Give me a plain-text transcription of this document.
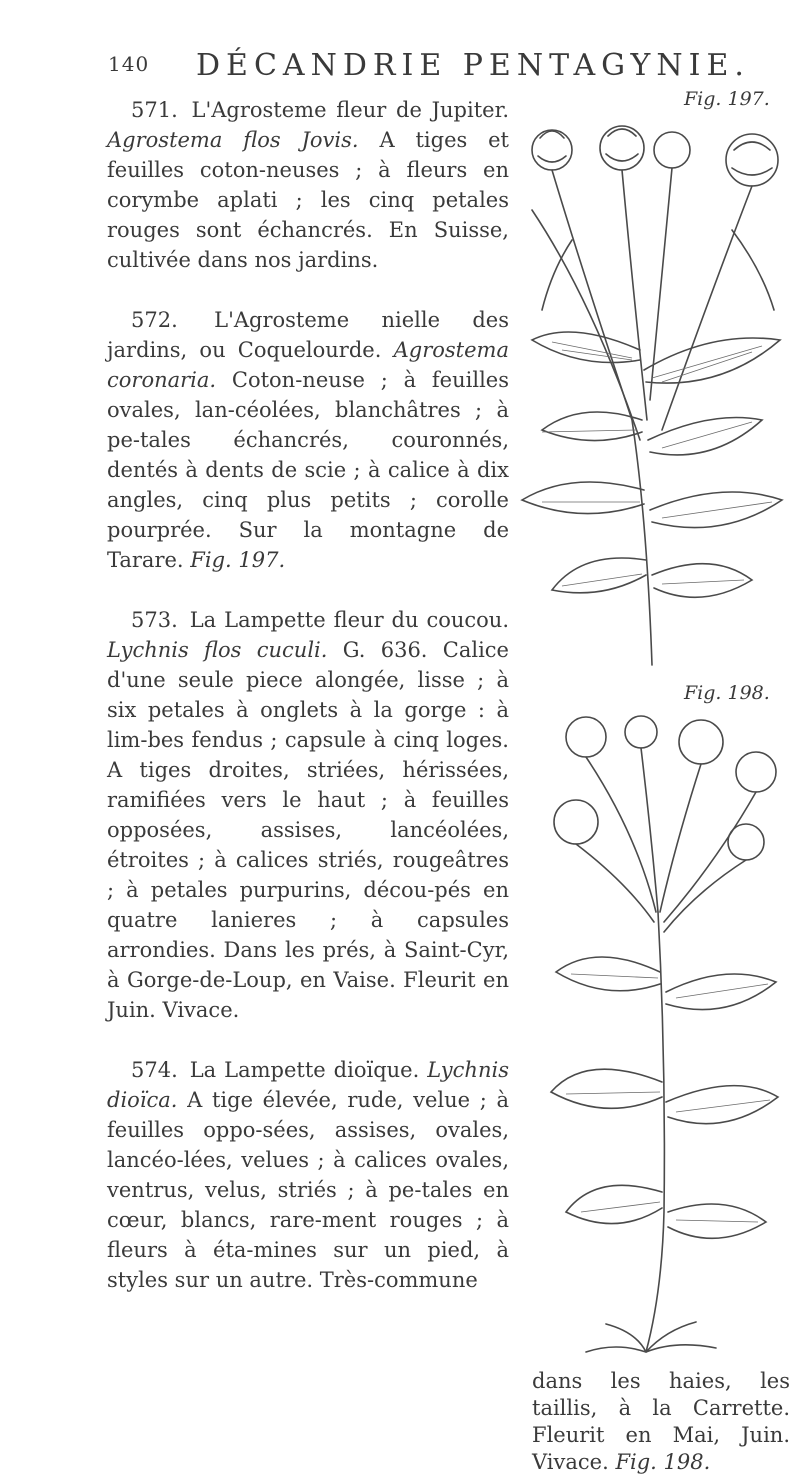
140 DÉCANDRIE PENTAGYNIE.

571. L'Agrosteme fleur de Jupiter. Agrostema flos Jovis. A tiges et feuilles coton-neuses ; à fleurs en corymbe aplati ; les cinq petales rouges sont échancrés. En Suisse, cultivée dans nos jardins.

572. L'Agrosteme nielle des jardins, ou Coquelourde. Agrostema coronaria. Coton-neuse ; à feuilles ovales, lan-céolées, blanchâtres ; à pe-tales échancrés, couronnés, dentés à dents de scie ; à calice à dix angles, cinq plus petits ; corolle pourprée. Sur la montagne de Tarare. Fig. 197.

573. La Lampette fleur du coucou. Lychnis flos cuculi. G. 636. Calice d'une seule piece alongée, lisse ; à six petales à onglets à la gorge : à lim-bes fendus ; capsule à cinq loges. A tiges droites, striées, hérissées, ramifiées vers le haut ; à feuilles opposées, assises, lancéolées, étroites ; à calices striés, rougeâtres ; à petales purpurins, décou-pés en quatre lanieres ; à capsules arrondies. Dans les prés, à Saint-Cyr, à Gorge-de-Loup, en Vaise. Fleurit en Juin. Vivace.

574. La Lampette dioïque. Lychnis dioïca. A tige élevée, rude, velue ; à feuilles oppo-sées, assises, ovales, lancéo-lées, velues ; à calices ovales, ventrus, velus, striés ; à pe-tales en cœur, blancs, rare-ment rouges ; à fleurs à éta-mines sur un pied, à styles sur un autre. Très-commune

Fig. 197.
Fig. 198.
dans les haies, les taillis, à la Carrette. Fleurit en Mai, Juin. Vivace. Fig. 198.
